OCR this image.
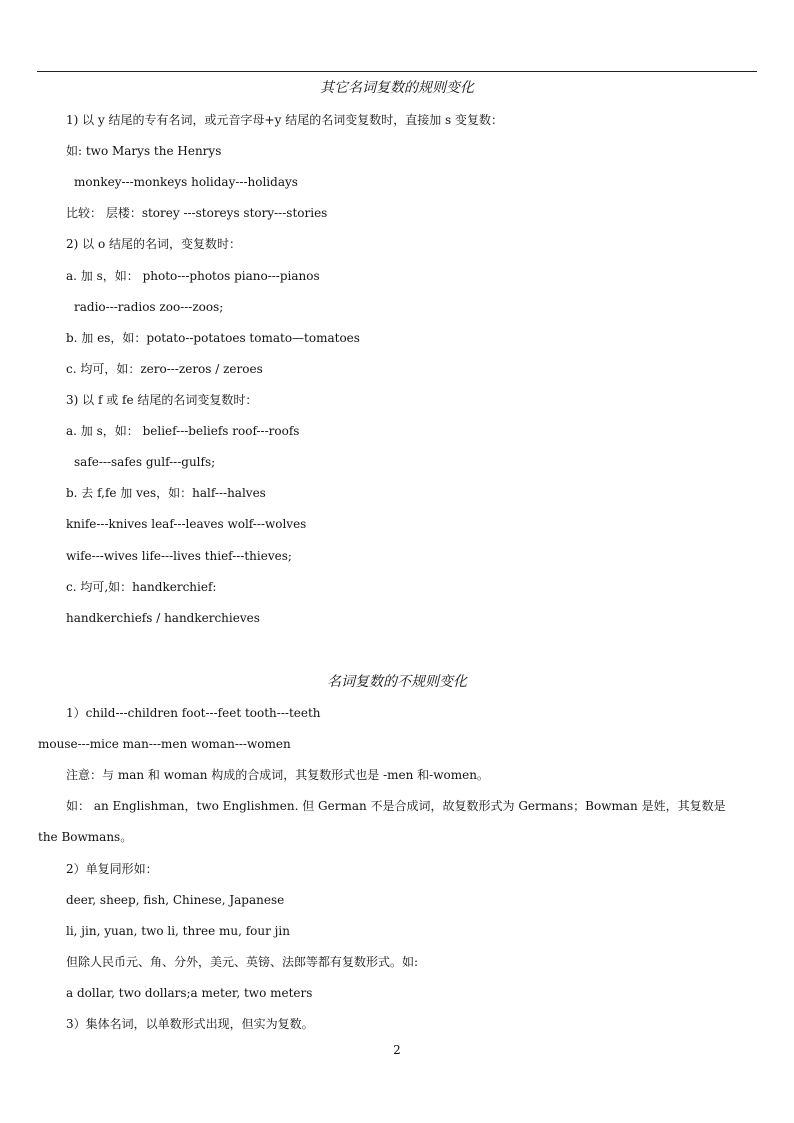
其它名词复数的规则变化
1) 以 y 结尾的专有名词，或元音字母+y 结尾的名词变复数时，直接加 s 变复数：
如: two Marys the Henrys
monkey---monkeys holiday---holidays
比较： 层楼：storey ---storeys story---stories
2) 以 o 结尾的名词，变复数时：
a. 加 s，如： photo---photos piano---pianos
radio---radios zoo---zoos;
b. 加 es，如：potato--potatoes tomato—tomatoes
c. 均可，如：zero---zeros / zeroes
3) 以 f 或 fe 结尾的名词变复数时：
a. 加 s，如： belief---beliefs roof---roofs
safe---safes gulf---gulfs;
b. 去 f,fe 加 ves，如：half---halves
knife---knives leaf---leaves wolf---wolves
wife---wives life---lives thief---thieves;
c. 均可,如：handkerchief:
handkerchiefs / handkerchieves
名词复数的不规则变化
1）child---children foot---feet tooth---teeth
mouse---mice man---men woman---women
注意：与 man 和 woman 构成的合成词，其复数形式也是 -men 和-women。
如： an Englishman，two Englishmen. 但 German 不是合成词，故复数形式为 Germans；Bowman 是姓，其复数是
the Bowmans。
2）单复同形如：
deer, sheep, fish, Chinese, Japanese
li, jin, yuan, two li, three mu, four jin
但除人民币元、角、分外，美元、英镑、法郎等都有复数形式。如:
a dollar, two dollars;a meter, two meters
3）集体名词，以单数形式出现，但实为复数。
2
